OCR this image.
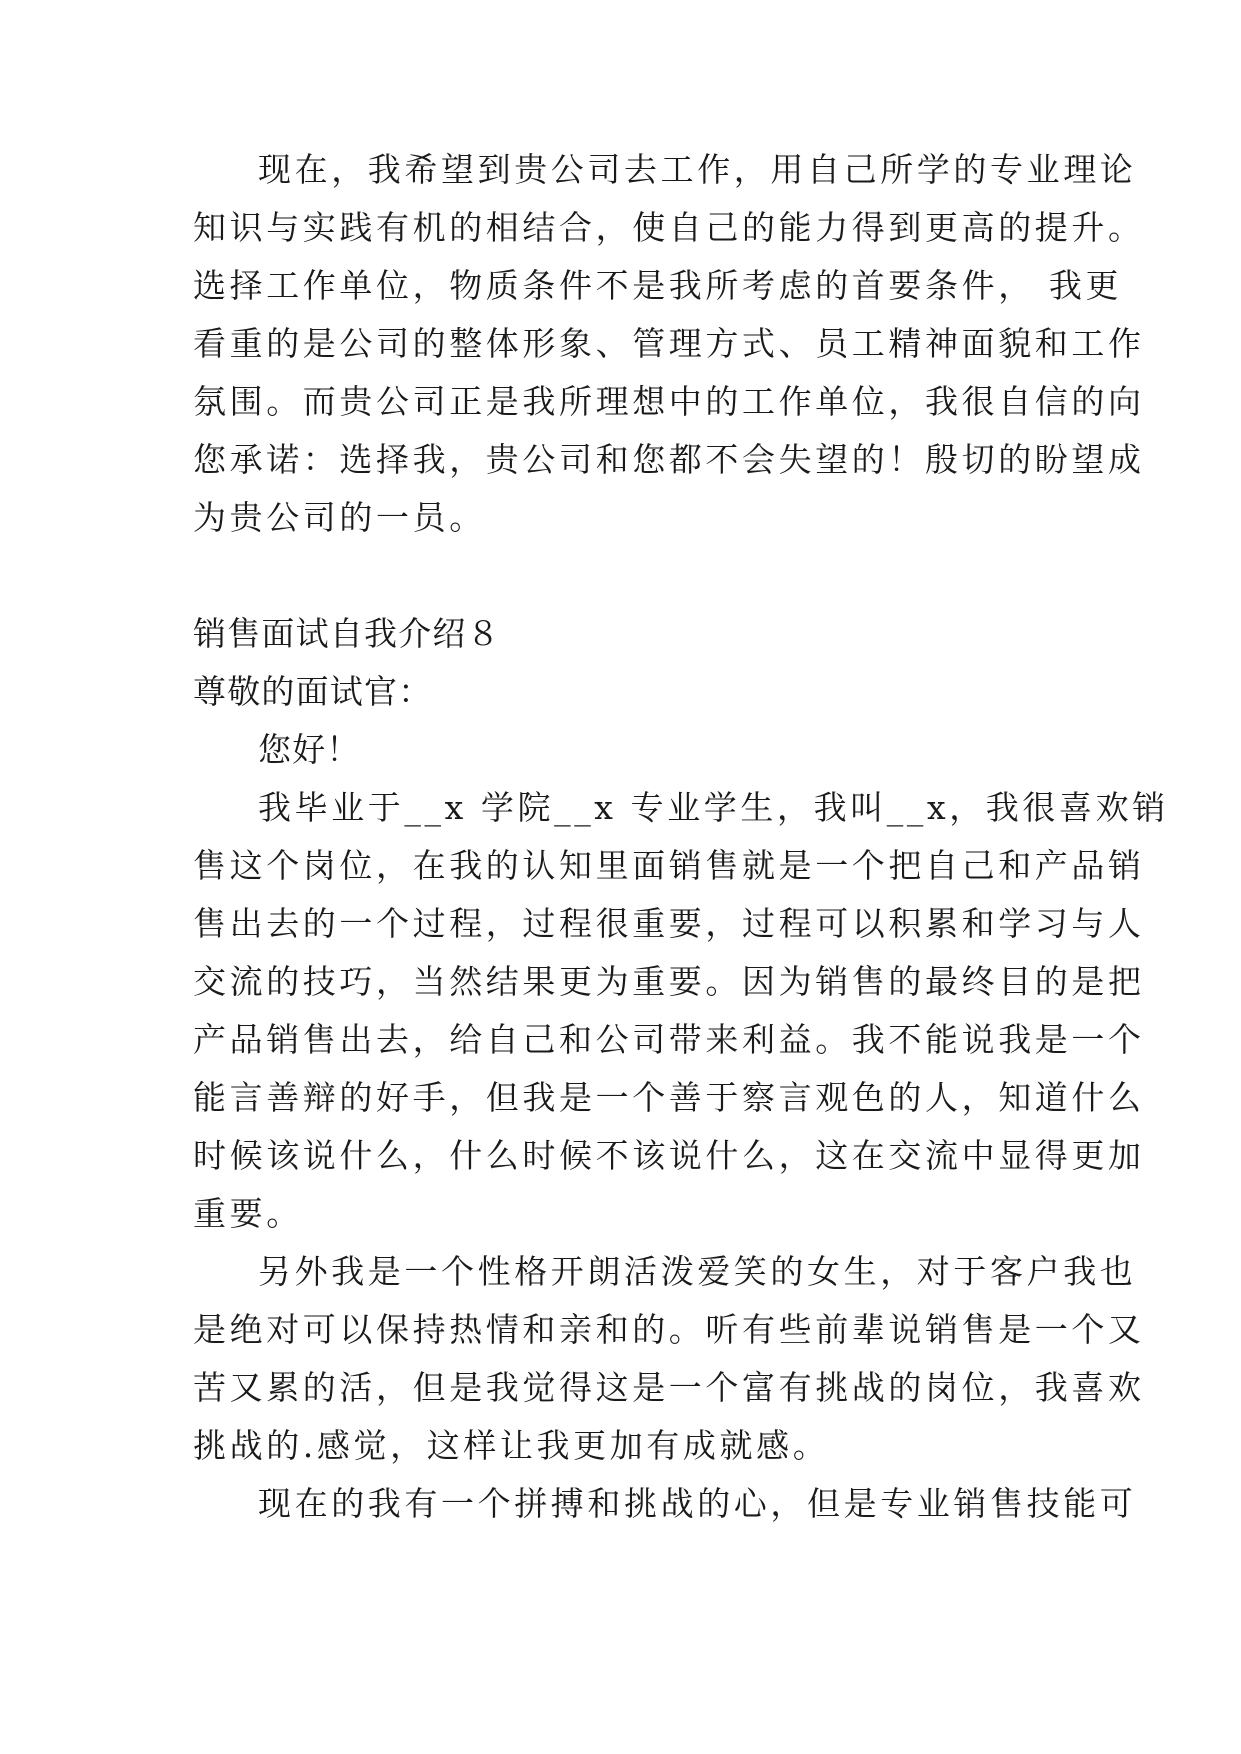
现在，我希望到贵公司去工作，用自己所学的专业理论
知识与实践有机的相结合，使自己的能力得到更高的提升。
选择工作单位，物质条件不是我所考虑的首要条件， 我更
看重的是公司的整体形象、管理方式、员工精神面貌和工作
氛围。而贵公司正是我所理想中的工作单位，我很自信的向
您承诺：选择我，贵公司和您都不会失望的！殷切的盼望成
为贵公司的一员。
销售面试自我介绍８
尊敬的面试官：
您好！
我毕业于__x 学院__x 专业学生，我叫__x，我很喜欢销
售这个岗位，在我的认知里面销售就是一个把自己和产品销
售出去的一个过程，过程很重要，过程可以积累和学习与人
交流的技巧，当然结果更为重要。因为销售的最终目的是把
产品销售出去，给自己和公司带来利益。我不能说我是一个
能言善辩的好手，但我是一个善于察言观色的人，知道什么
时候该说什么，什么时候不该说什么，这在交流中显得更加
重要。
另外我是一个性格开朗活泼爱笑的女生，对于客户我也
是绝对可以保持热情和亲和的。听有些前辈说销售是一个又
苦又累的活，但是我觉得这是一个富有挑战的岗位，我喜欢
挑战的.感觉，这样让我更加有成就感。
现在的我有一个拼搏和挑战的心，但是专业销售技能可
